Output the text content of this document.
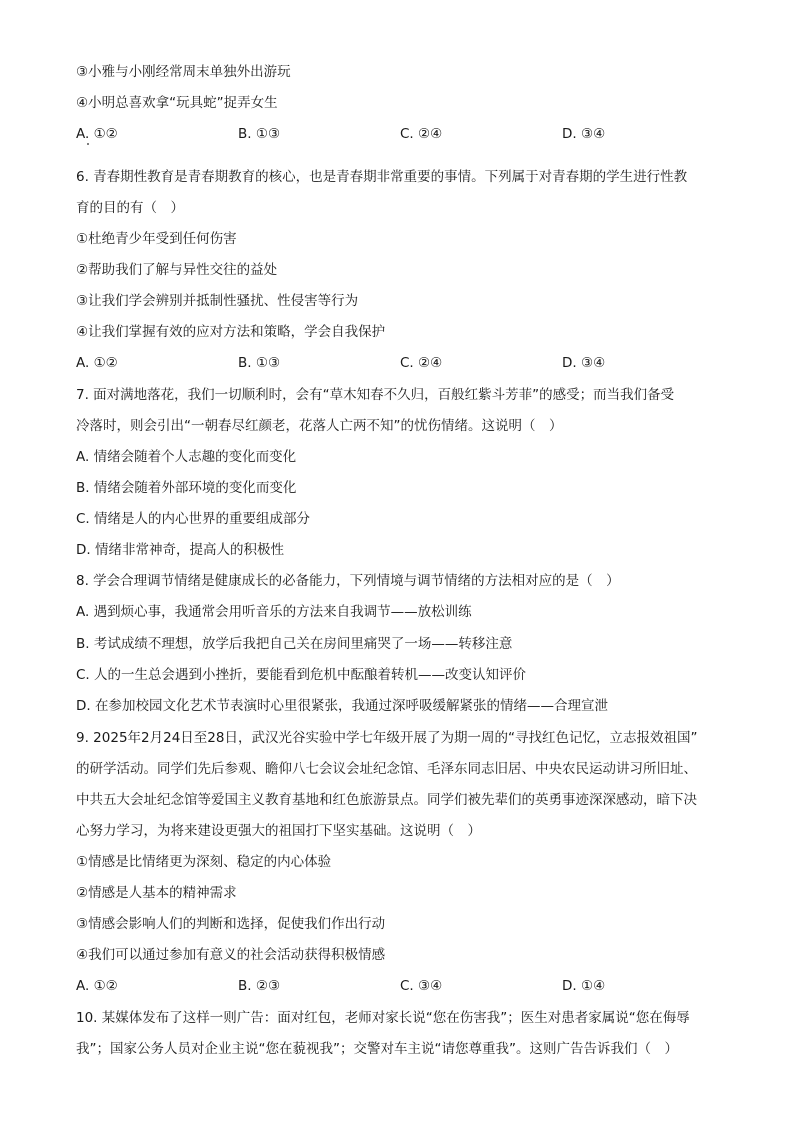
③小雅与小刚经常周末单独外出游玩
④小明总喜欢拿“玩具蛇”捉弄女生
A. ①②	B. ①③	C. ②④	D. ③④
6. 青春期性教育是青春期教育的核心，也是青春期非常重要的事情。下列属于对青春期的学生进行性教
育的目的有（　）
①杜绝青少年受到任何伤害
②帮助我们了解与异性交往的益处
③让我们学会辨别并抵制性骚扰、性侵害等行为
④让我们掌握有效的应对方法和策略，学会自我保护
A. ①②	B. ①③	C. ②④	D. ③④
7. 面对满地落花，我们一切顺利时，会有“草木知春不久归，百般红紫斗芳菲”的感受；而当我们备受
冷落时，则会引出“一朝春尽红颜老，花落人亡两不知”的忧伤情绪。这说明（　）
A. 情绪会随着个人志趣的变化而变化
B. 情绪会随着外部环境的变化而变化
C. 情绪是人的内心世界的重要组成部分
D. 情绪非常神奇，提高人的积极性
8. 学会合理调节情绪是健康成长的必备能力，下列情境与调节情绪的方法相对应的是（　）
A. 遇到烦心事，我通常会用听音乐的方法来自我调节——放松训练
B. 考试成绩不理想，放学后我把自己关在房间里痛哭了一场——转移注意
C. 人的一生总会遇到小挫折，要能看到危机中酝酿着转机——改变认知评价
D. 在参加校园文化艺术节表演时心里很紧张，我通过深呼吸缓解紧张的情绪——合理宣泄
9. 2025年2月24日至28日，武汉光谷实验中学七年级开展了为期一周的“寻找红色记忆，立志报效祖国”
的研学活动。同学们先后参观、瞻仰八七会议会址纪念馆、毛泽东同志旧居、中央农民运动讲习所旧址、
中共五大会址纪念馆等爱国主义教育基地和红色旅游景点。同学们被先辈们的英勇事迹深深感动，暗下决
心努力学习，为将来建设更强大的祖国打下坚实基础。这说明（　）
①情感是比情绪更为深刻、稳定的内心体验
②情感是人基本的精神需求
③情感会影响人们的判断和选择，促使我们作出行动
④我们可以通过参加有意义的社会活动获得积极情感
A. ①②	B. ②③	C. ③④	D. ①④
10. 某媒体发布了这样一则广告：面对红包，老师对家长说“您在伤害我”；医生对患者家属说“您在侮辱
我”；国家公务人员对企业主说“您在藐视我”；交警对车主说“请您尊重我”。这则广告告诉我们（　）
